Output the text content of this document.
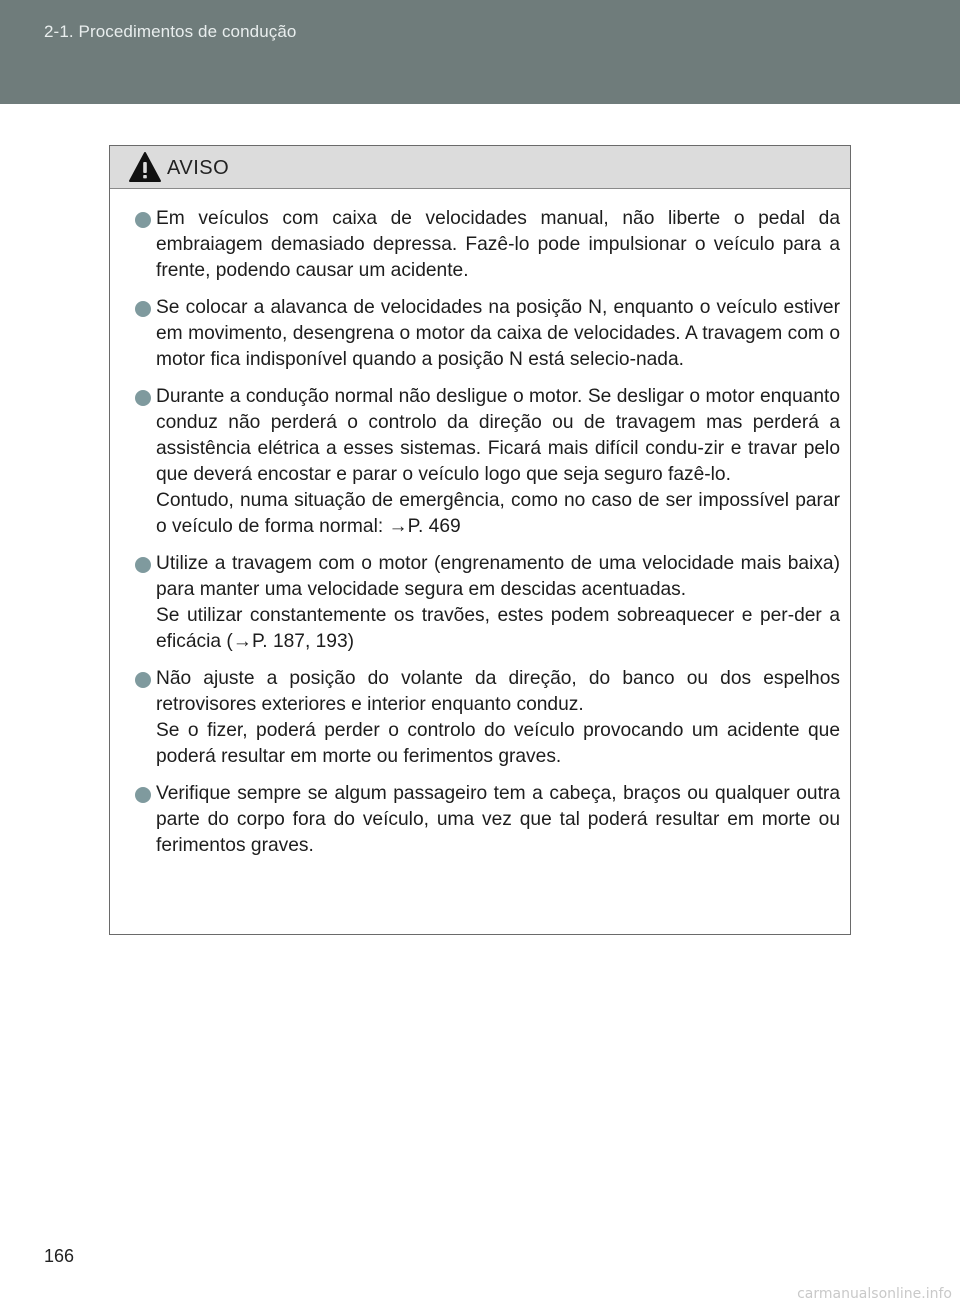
2-1. Procedimentos de condução
AVISO

Em veículos com caixa de velocidades manual, não liberte o pedal da embraiagem demasiado depressa. Fazê-lo pode impulsionar o veículo para a frente, podendo causar um acidente.

Se colocar a alavanca de velocidades na posição N, enquanto o veículo estiver em movimento, desengrena o motor da caixa de velocidades. A travagem com o motor fica indisponível quando a posição N está selecio-nada.

Durante a condução normal não desligue o motor. Se desligar o motor enquanto conduz não perderá o controlo da direção ou de travagem mas perderá a assistência elétrica a esses sistemas. Ficará mais difícil condu-zir e travar pelo que deverá encostar e parar o veículo logo que seja seguro fazê-lo.

Contudo, numa situação de emergência, como no caso de ser impossível parar o veículo de forma normal: →P. 469

Utilize a travagem com o motor (engrenamento de uma velocidade mais baixa) para manter uma velocidade segura em descidas acentuadas.

Se utilizar constantemente os travões, estes podem sobreaquecer e per-der a eficácia (→P. 187, 193)

Não ajuste a posição do volante da direção, do banco ou dos espelhos retrovisores exteriores e interior enquanto conduz.

Se o fizer, poderá perder o controlo do veículo provocando um acidente que poderá resultar em morte ou ferimentos graves.

Verifique sempre se algum passageiro tem a cabeça, braços ou qualquer outra parte do corpo fora do veículo, uma vez que tal poderá resultar em morte ou ferimentos graves.

166
carmanualsonline.info
